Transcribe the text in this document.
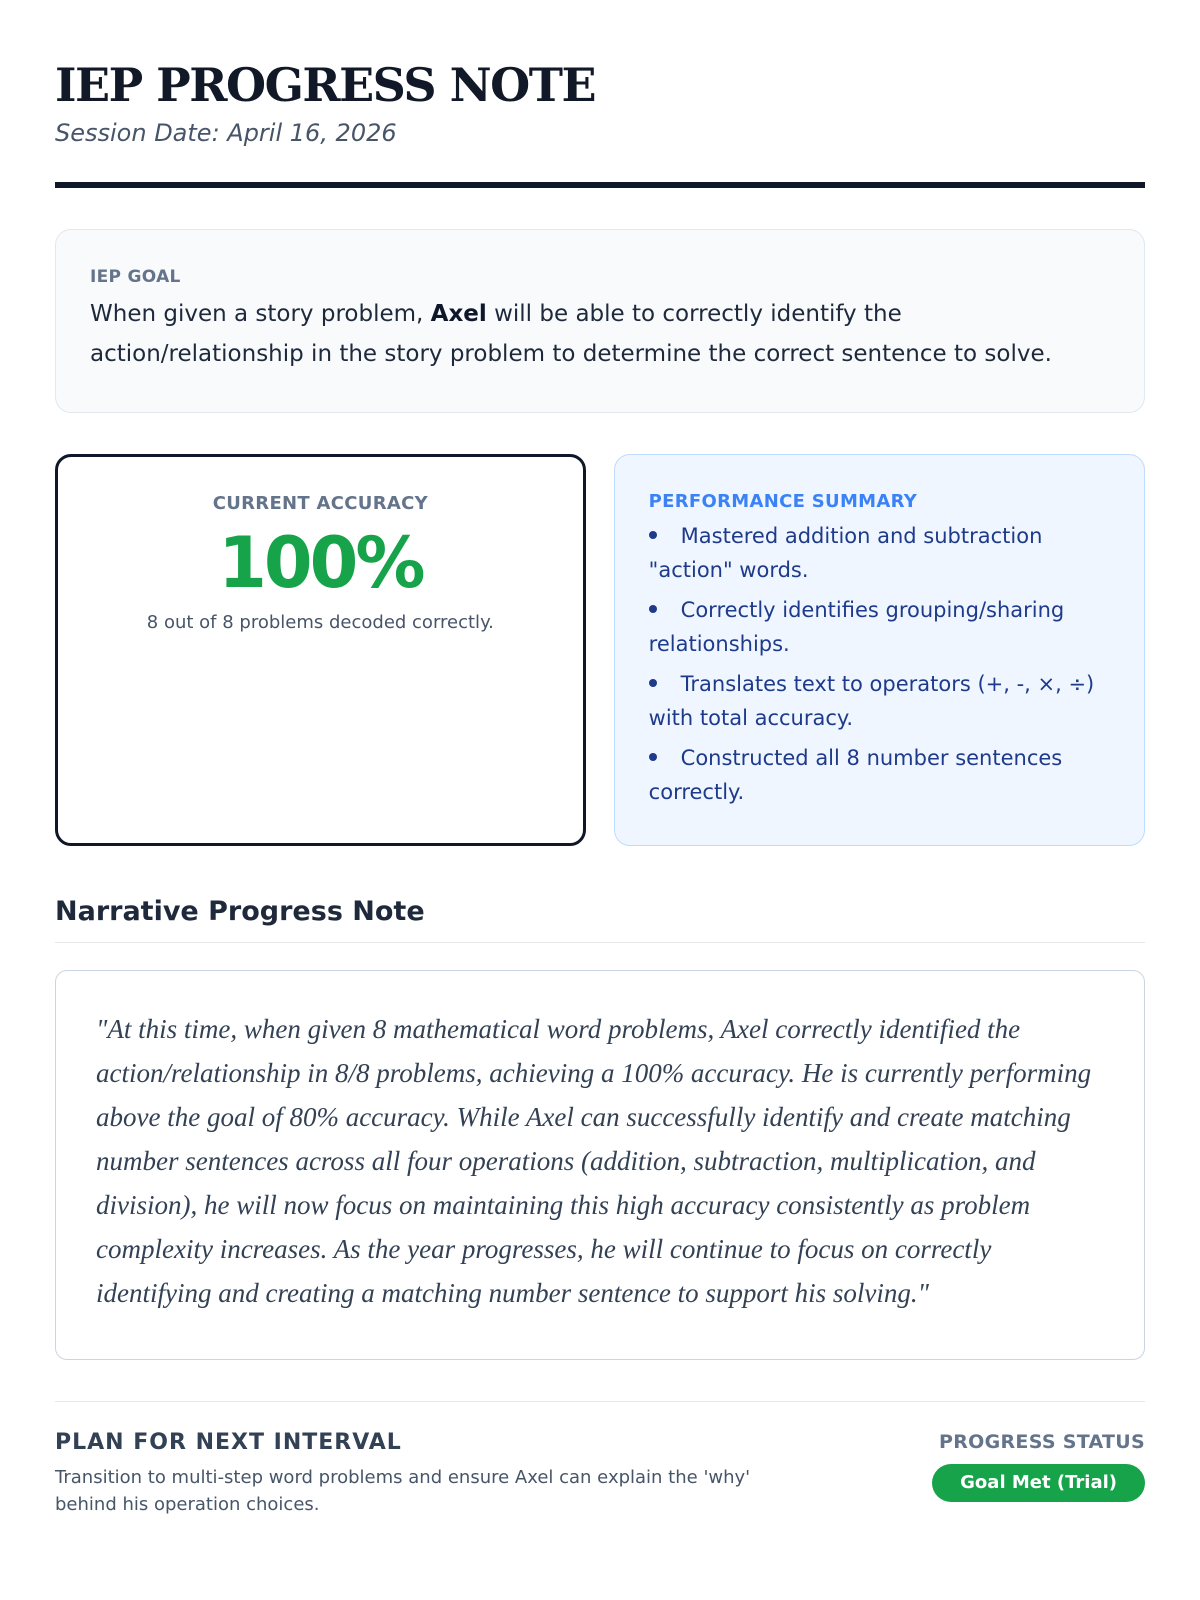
IEP PROGRESS NOTE
Session Date: April 16, 2026
IEP GOAL

When given a story problem, Axel will be able to correctly identify the action/relationship in the story problem to determine the correct sentence to solve.

CURRENT ACCURACY
100%
8 out of 8 problems decoded correctly.
PERFORMANCE SUMMARY
Mastered addition and subtraction "action" words.
Correctly identifies grouping/sharing relationships.
Translates text to operators (+, -, ×, ÷) with total accuracy.
Constructed all 8 number sentences correctly.
Narrative Progress Note

"At this time, when given 8 mathematical word problems, Axel correctly identified the action/relationship in 8/8 problems, achieving a 100% accuracy. He is currently performing above the goal of 80% accuracy. While Axel can successfully identify and create matching number sentences across all four operations (addition, subtraction, multiplication, and division), he will now focus on maintaining this high accuracy consistently as problem complexity increases. As the year progresses, he will continue to focus on correctly identifying and creating a matching number sentence to support his solving."

PLAN FOR NEXT INTERVAL

Transition to multi-step word problems and ensure Axel can explain the 'why' behind his operation choices.

PROGRESS STATUS
Goal Met (Trial)
